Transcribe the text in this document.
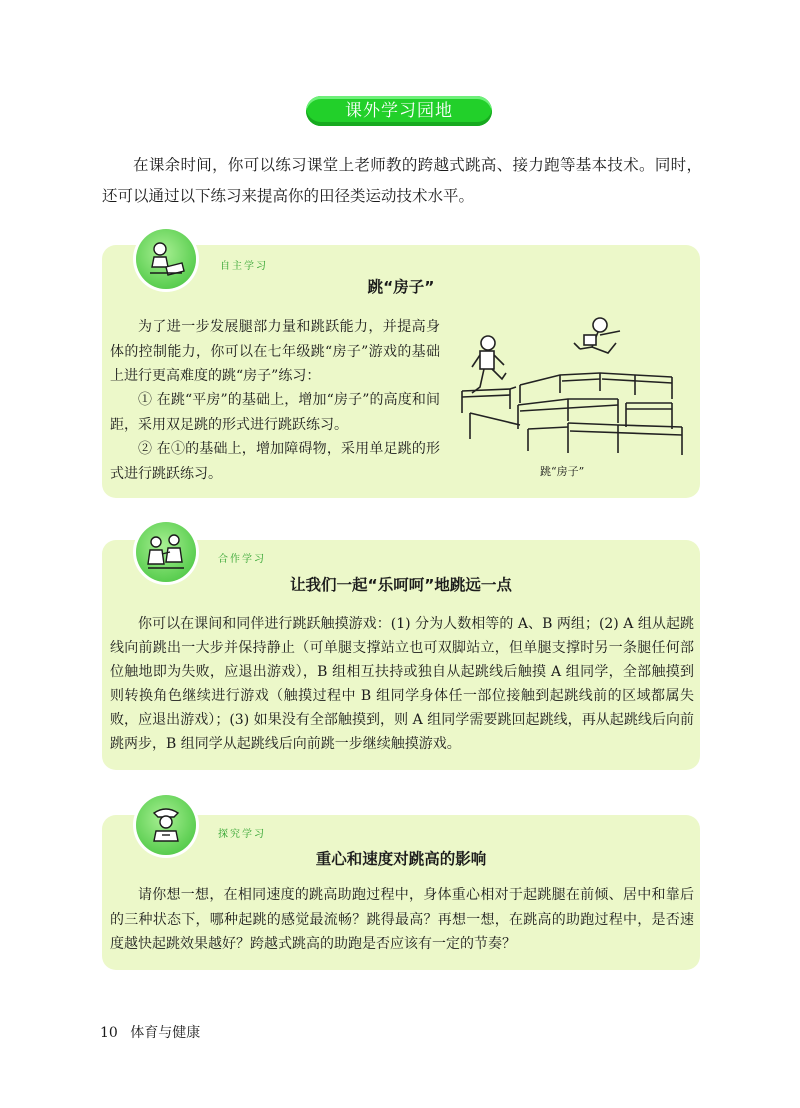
课外学习园地
在课余时间，你可以练习课堂上老师教的跨越式跳高、接力跑等基本技术。同时，还可以通过以下练习来提高你的田径类运动技术水平。
自主学习
跳“房子”
为了进一步发展腿部力量和跳跃能力，并提高身体的控制能力，你可以在七年级跳“房子”游戏的基础上进行更高难度的跳“房子”练习：
① 在跳“平房”的基础上，增加“房子”的高度和间距，采用双足跳的形式进行跳跃练习。
② 在①的基础上，增加障碍物，采用单足跳的形式进行跳跃练习。	跳“房子”
合作学习
让我们一起“乐呵呵”地跳远一点
你可以在课间和同伴进行跳跃触摸游戏：(1) 分为人数相等的 A、B 两组；(2) A 组从起跳线向前跳出一大步并保持静止（可单腿支撑站立也可双脚站立，但单腿支撑时另一条腿任何部位触地即为失败，应退出游戏），B 组相互扶持或独自从起跳线后触摸 A 组同学，全部触摸到则转换角色继续进行游戏（触摸过程中 B 组同学身体任一部位接触到起跳线前的区域都属失败，应退出游戏）；(3) 如果没有全部触摸到，则 A 组同学需要跳回起跳线，再从起跳线后向前跳两步，B 组同学从起跳线后向前跳一步继续触摸游戏。
探究学习
重心和速度对跳高的影响
请你想一想，在相同速度的跳高助跑过程中，身体重心相对于起跳腿在前倾、居中和靠后的三种状态下，哪种起跳的感觉最流畅？跳得最高？再想一想，在跳高的助跑过程中，是否速度越快起跳效果越好？跨越式跳高的助跑是否应该有一定的节奏？
10 体育与健康
